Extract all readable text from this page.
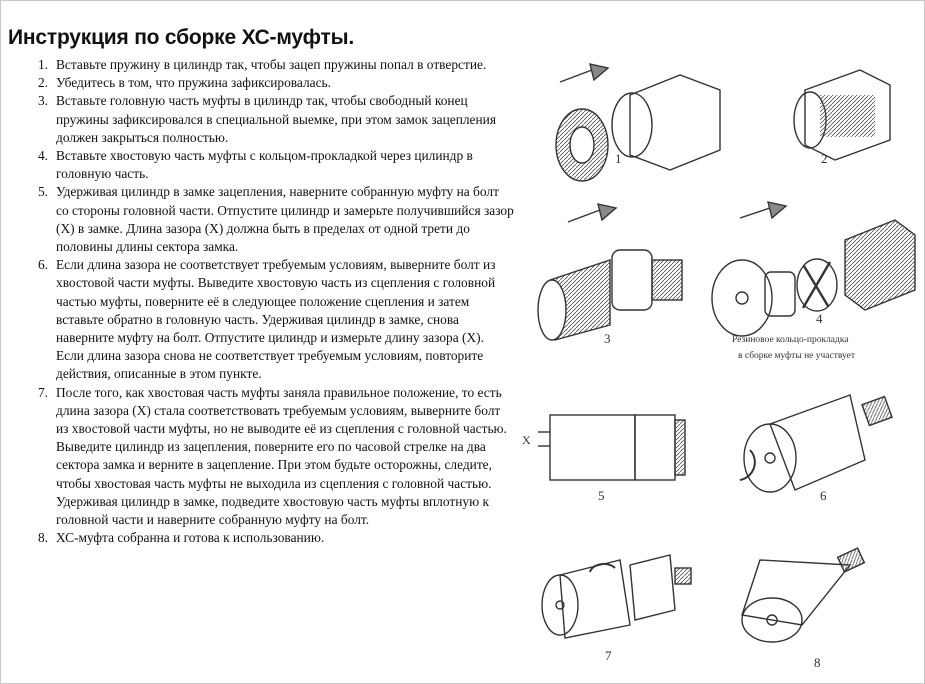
Инструкция по сборке ХС-муфты.
1. Вставьте пружину в цилиндр так, чтобы зацеп пружины попал в отверстие.
2. Убедитесь в том, что пружина зафиксировалась.
3. Вставьте головную часть муфты в цилиндр так, чтобы свободный конец пружины зафиксировался в специальной выемке, при этом замок зацепления должен закрыться полностью.
4. Вставьте хвостовую часть муфты с кольцом-прокладкой через цилиндр в головную часть.
5. Удерживая цилиндр в замке зацепления, наверните собранную муфту на болт со стороны головной части. Отпустите цилиндр и замерьте получившийся зазор (Х) в замке. Длина зазора (Х) должна быть в пределах от одной трети до половины длины сектора замка.
6. Если длина зазора не соответствует требуемым условиям, выверните болт из хвостовой части муфты. Выведите хвостовую часть из сцепления с головной частью муфты, поверните её в следующее положение сцепления и затем вставьте обратно в головную часть. Удерживая цилиндр в замке, снова наверните муфту на болт. Отпустите цилиндр и измерьте длину зазора (Х). Если длина зазора снова не соответствует требуемым условиям, повторите действия, описанные в этом пункте.
7. После того, как хвостовая часть муфты заняла правильное положение, то есть длина зазора (Х) стала соответствовать требуемым условиям, выверните болт из хвостовой части муфты, но не выводите её из сцепления с головной частью. Выведите цилиндр из зацепления, поверните его по часовой стрелке на два сектора замка и верните в зацепление. При этом будьте осторожны, следите, чтобы хвостовая часть муфты не выходила из сцепления с головной частью. Удерживая цилиндр в замке, подведите хвостовую часть муфты вплотную к головной части и наверните собранную муфту на болт.
8. ХС-муфта собранна и готова к использованию.
1	2
3
4
Резиновое кольцо-прокладка
в сборке муфты не участвует
X
5	6
7	8
